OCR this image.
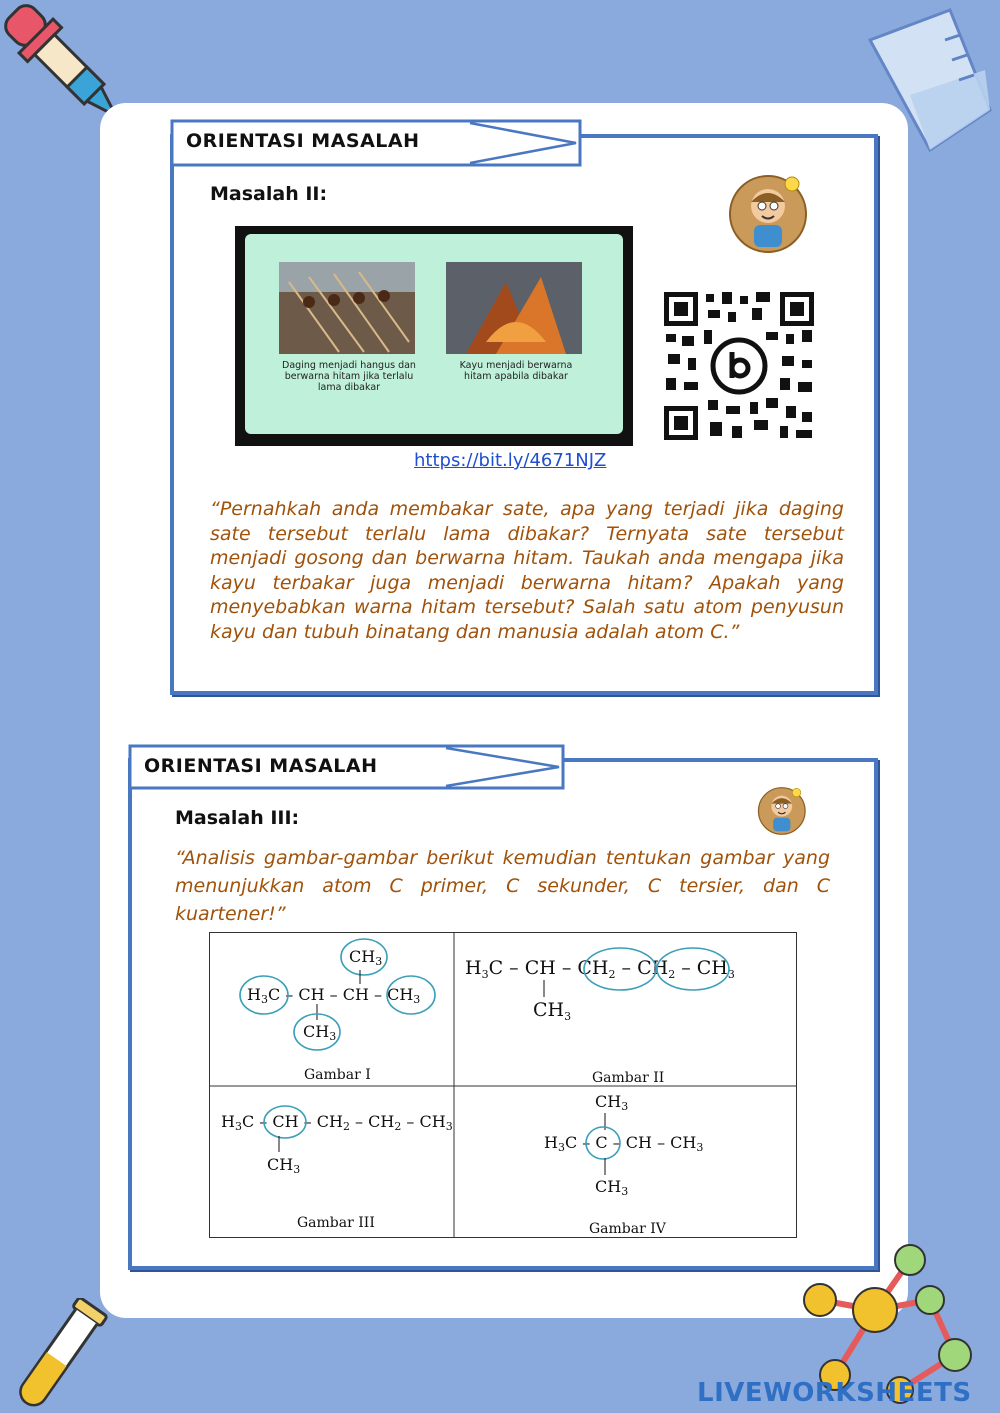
ORIENTASI MASALAH
Masalah II:
Daging menjadi hangus dan berwarna hitam jika terlalu lama dibakar
Kayu menjadi berwarna hitam apabila dibakar
https://bit.ly/4671NJZ
“Pernahkah anda membakar sate, apa yang terjadi jika daging sate tersebut terlalu lama dibakar? Ternyata sate tersebut menjadi gosong dan berwarna hitam. Taukah anda mengapa jika kayu terbakar juga menjadi berwarna hitam? Apakah yang menyebabkan warna hitam tersebut? Salah satu atom penyusun kayu dan tubuh binatang dan manusia adalah atom C.”
ORIENTASI MASALAH
Masalah III:
“Analisis gambar-gambar berikut kemudian tentukan gambar yang menunjukkan atom C primer, C sekunder, C tersier, dan C kuartener!”
CH3
H3C – CH – CH – CH3
CH3
Gambar I
$H_3C$ – CH – $CH_2 - CH_2 - CH_3$
$CH_3$
Gambar II
H3C – CH – CH2 – CH2 – CH3
CH3
Gambar III
CH3
H3C – C – CH – CH3
CH3
Gambar IV
LIVEWORKSHEETS
